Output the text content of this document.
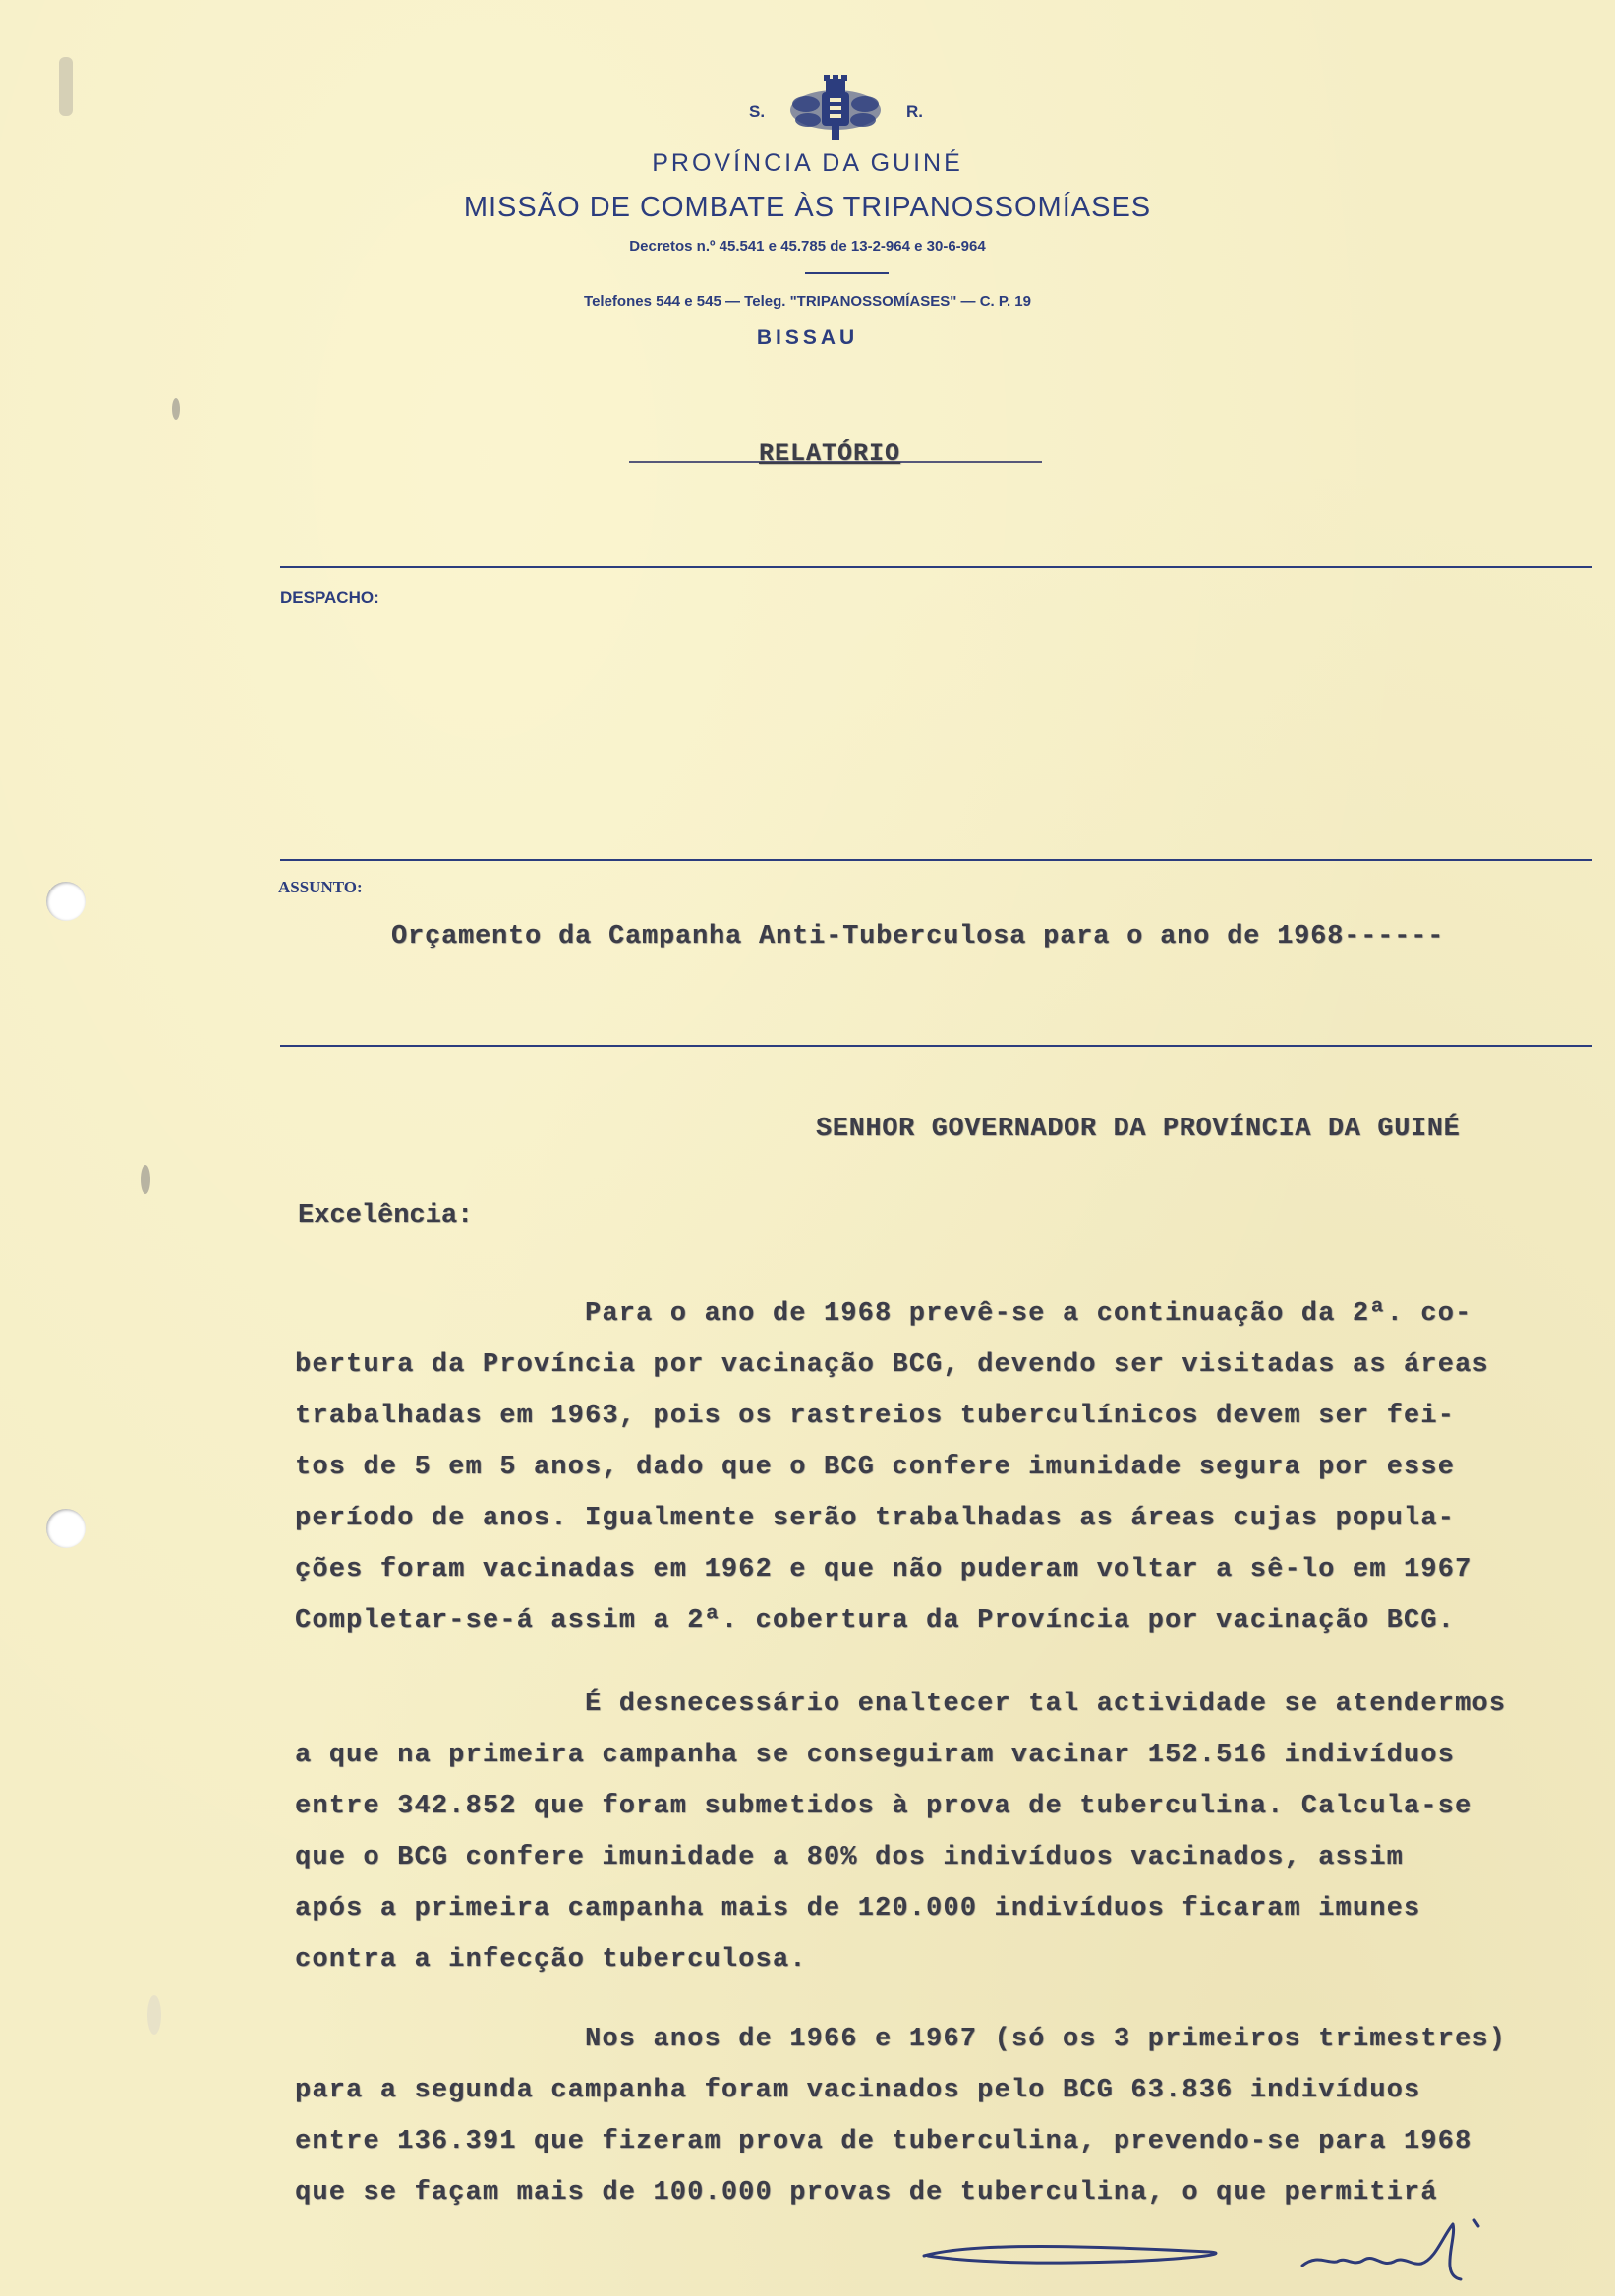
S.	R.
PROVÍNCIA DA GUINÉ
MISSÃO DE COMBATE ÀS TRIPANOSSOMÍASES
Decretos n.º 45.541 e 45.785 de 13-2-964 e 30-6-964
Telefones 544 e 545 — Teleg. "TRIPANOSSOMÍASES" — C. P. 19
BISSAU
RELATÓRIO
DESPACHO:
ASSUNTO:
Orçamento da Campanha Anti-Tuberculosa para o ano de 1968------
SENHOR GOVERNADOR DA PROVÍNCIA DA GUINÉ
Excelência:
Para o ano de 1968 prevê-se a continuação da 2ª. co-
bertura da Província por vacinação BCG, devendo ser visitadas as áreas
trabalhadas em 1963, pois os rastreios tuberculínicos devem ser fei-
tos de 5 em 5 anos, dado que o BCG confere imunidade segura por esse
período de anos. Igualmente serão trabalhadas as áreas cujas popula-
ções foram vacinadas em 1962 e que não puderam voltar a sê-lo em 1967
Completar-se-á assim a 2ª. cobertura da Província por vacinação BCG.
É desnecessário enaltecer tal actividade se atendermos
a que na primeira campanha se conseguiram vacinar 152.516 indivíduos
entre 342.852 que foram submetidos à prova de tuberculina. Calcula-se
que o BCG confere imunidade a 80% dos indivíduos vacinados, assim
após a primeira campanha mais de 120.000 indivíduos ficaram imunes
contra a infecção tuberculosa.
Nos anos de 1966 e 1967 (só os 3 primeiros trimestres)
para a segunda campanha foram vacinados pelo BCG 63.836 indivíduos
entre 136.391 que fizeram prova de tuberculina, prevendo-se para 1968
que se façam mais de 100.000 provas de tuberculina, o que permitirá
